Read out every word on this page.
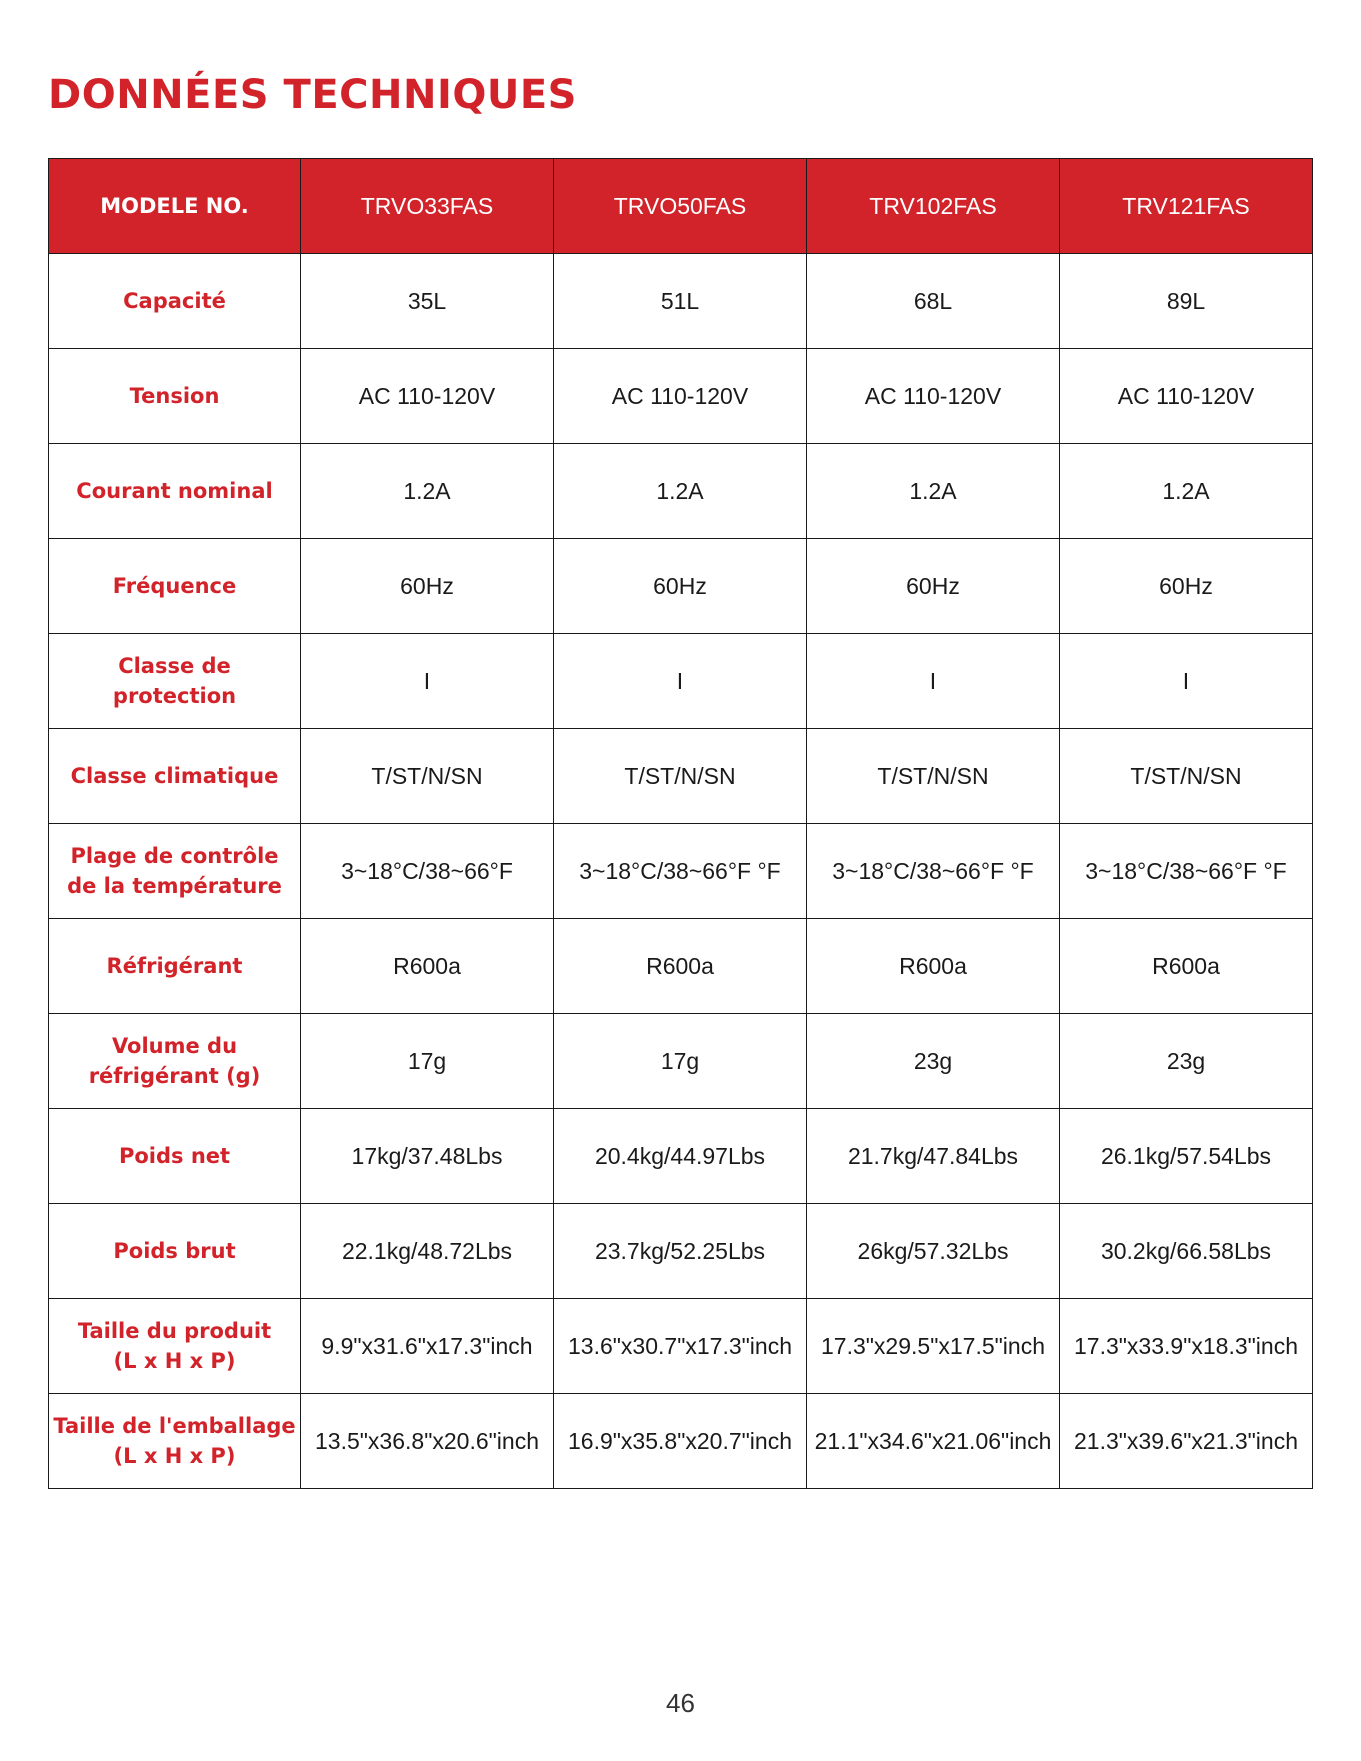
DONNÉES TECHNIQUES
MODELE NO.	TRVO33FAS	TRVO50FAS	TRV102FAS	TRV121FAS
Capacité	35L	51L	68L	89L
Tension	AC 110-120V	AC 110-120V	AC 110-120V	AC 110-120V
Courant nominal	1.2A	1.2A	1.2A	1.2A
Fréquence	60Hz	60Hz	60Hz	60Hz
Classe de protection	I	I	I	I
Classe climatique	T/ST/N/SN	T/ST/N/SN	T/ST/N/SN	T/ST/N/SN
Plage de contrôle
de la température	3~18°C/38~66°F	3~18°C/38~66°F °F	3~18°C/38~66°F °F	3~18°C/38~66°F °F
Réfrigérant	R600a	R600a	R600a	R600a
Volume du
réfrigérant (g)	17g	17g	23g	23g
Poids net	17kg/37.48Lbs	20.4kg/44.97Lbs	21.7kg/47.84Lbs	26.1kg/57.54Lbs
Poids brut	22.1kg/48.72Lbs	23.7kg/52.25Lbs	26kg/57.32Lbs	30.2kg/66.58Lbs
Taille du produit
(L x H x P)	9.9"x31.6"x17.3"inch	13.6"x30.7"x17.3"inch	17.3"x29.5"x17.5"inch	17.3"x33.9"x18.3"inch
Taille de l'emballage
(L x H x P)	13.5"x36.8"x20.6"inch	16.9"x35.8"x20.7"inch	21.1"x34.6"x21.06"inch	21.3"x39.6"x21.3"inch
46
